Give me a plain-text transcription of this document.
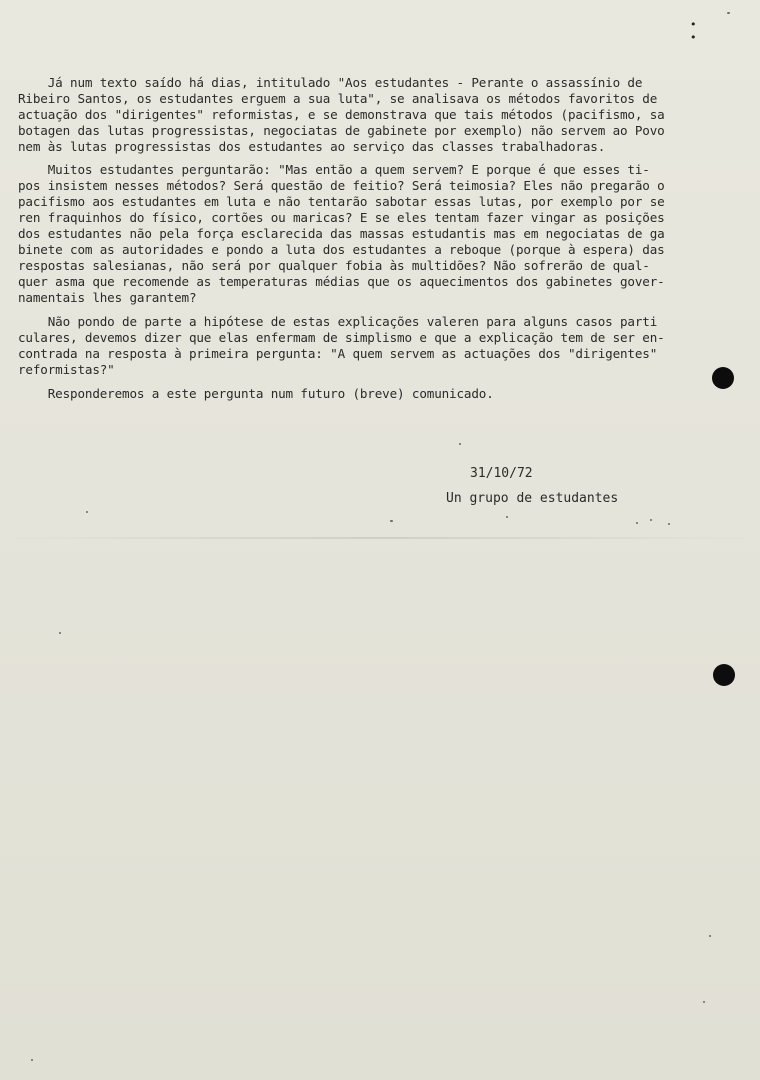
Já num texto saído há dias, intitulado "Aos estudantes - Perante o assassínio de
Ribeiro Santos, os estudantes erguem a sua luta", se analisava os métodos favoritos de
actuação dos "dirigentes" reformistas, e se demonstrava que tais métodos (pacifismo, sa
botagen das lutas progressistas, negociatas de gabinete por exemplo) não servem ao Povo
nem às lutas progressistas dos estudantes ao serviço das classes trabalhadoras.
Muitos estudantes perguntarão: "Mas então a quem servem? E porque é que esses ti-
pos insistem nesses métodos? Será questão de feitio? Será teimosia? Eles não pregarão o
pacifismo aos estudantes em luta e não tentarão sabotar essas lutas, por exemplo por se
ren fraquinhos do físico, cortões ou maricas? E se eles tentam fazer vingar as posições
dos estudantes não pela força esclarecida das massas estudantis mas em negociatas de ga
binete com as autoridades e pondo a luta dos estudantes a reboque (porque à espera) das
respostas salesianas, não será por qualquer fobia às multidões? Não sofrerão de qual-
quer asma que recomende as temperaturas médias que os aquecimentos dos gabinetes gover-
namentais lhes garantem?
Não pondo de parte a hipótese de estas explicações valeren para alguns casos parti
culares, devemos dizer que elas enfermam de simplismo e que a explicação tem de ser en-
contrada na resposta à primeira pergunta: "A quem servem as actuações dos "dirigentes"
reformistas?"
Responderemos a este pergunta num futuro (breve) comunicado.
31/10/72
Un grupo de estudantes
•
•
